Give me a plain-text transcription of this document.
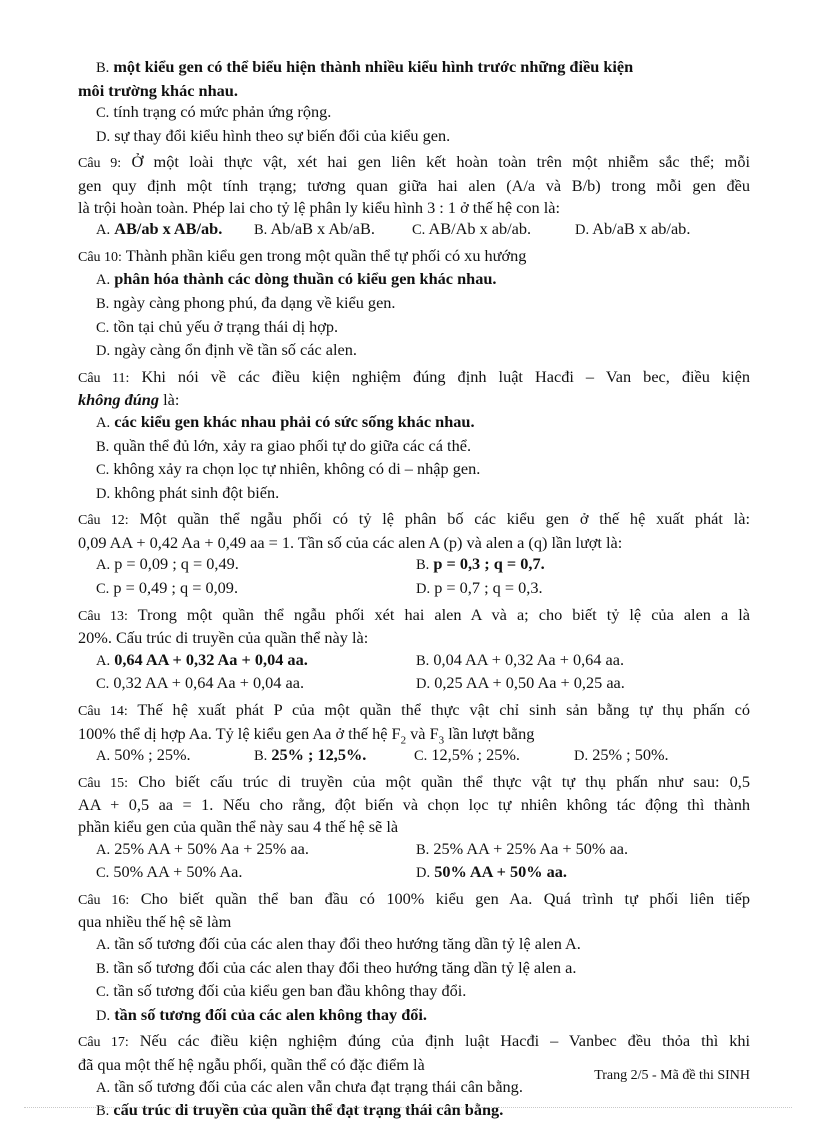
B. một kiểu gen có thể biểu hiện thành nhiều kiểu hình trước những điều kiện
môi trường khác nhau.
C. tính trạng có mức phản ứng rộng.
D. sự thay đổi kiểu hình theo sự biến đổi của kiểu gen.
Câu 9: Ở một loài thực vật, xét hai gen liên kết hoàn toàn trên một nhiễm sắc thể; mỗi
gen quy định một tính trạng; tương quan giữa hai alen (A/a và B/b) trong mỗi gen đều
là trội hoàn toàn. Phép lai cho tỷ lệ phân ly kiểu hình 3 : 1 ở thế hệ con là:
A. AB/ab x AB/ab.	B. Ab/aB x Ab/aB.	C. AB/Ab x ab/ab.	D. Ab/aB x ab/ab.
Câu 10: Thành phần kiểu gen trong một quần thể tự phối có xu hướng
A. phân hóa thành các dòng thuần có kiểu gen khác nhau.
B. ngày càng phong phú, đa dạng về kiểu gen.
C. tồn tại chủ yếu ở trạng thái dị hợp.
D. ngày càng ổn định về tần số các alen.
Câu 11: Khi nói về các điều kiện nghiệm đúng định luật Hacđi – Van bec, điều kiện
không đúng là:
A. các kiểu gen khác nhau phải có sức sống khác nhau.
B. quần thể đủ lớn, xảy ra giao phối tự do giữa các cá thể.
C. không xảy ra chọn lọc tự nhiên, không có di – nhập gen.
D. không phát sinh đột biến.
Câu 12: Một quần thể ngẫu phối có tỷ lệ phân bố các kiểu gen ở thế hệ xuất phát là:
0,09 AA + 0,42 Aa + 0,49 aa = 1. Tần số của các alen A (p) và alen a (q) lần lượt là:
A. p = 0,09 ; q = 0,49.	B. p = 0,3 ; q = 0,7.
C. p = 0,49 ; q = 0,09.	D. p = 0,7 ; q = 0,3.
Câu 13: Trong một quần thể ngẫu phối xét hai alen A và a; cho biết tỷ lệ của alen a là
20%. Cấu trúc di truyền của quần thể này là:
A. 0,64 AA + 0,32 Aa + 0,04 aa.	B. 0,04 AA + 0,32 Aa + 0,64 aa.
C. 0,32 AA + 0,64 Aa + 0,04 aa.	D. 0,25 AA + 0,50 Aa + 0,25 aa.
Câu 14: Thế hệ xuất phát P của một quần thể thực vật chỉ sinh sản bằng tự thụ phấn có
100% thể dị hợp Aa. Tỷ lệ kiểu gen Aa ở thế hệ $F_2$ và $F_3$ lần lượt bằng
A. 50% ; 25%.	B. 25% ; 12,5%.	C. 12,5% ; 25%.	D. 25% ; 50%.
Câu 15: Cho biết cấu trúc di truyền của một quần thể thực vật tự thụ phấn như sau: 0,5
AA + 0,5 aa = 1. Nếu cho rằng, đột biến và chọn lọc tự nhiên không tác động thì thành
phần kiểu gen của quần thể này sau 4 thế hệ sẽ là
A. 25% AA + 50% Aa + 25% aa.	B. 25% AA + 25% Aa + 50% aa.
C. 50% AA + 50% Aa.	D. 50% AA + 50% aa.
Câu 16: Cho biết quần thể ban đầu có 100% kiểu gen Aa. Quá trình tự phối liên tiếp
qua nhiều thế hệ sẽ làm
A. tần số tương đối của các alen thay đổi theo hướng tăng dần tỷ lệ alen A.
B. tần số tương đối của các alen thay đổi theo hướng tăng dần tỷ lệ alen a.
C. tần số tương đối của kiểu gen ban đầu không thay đổi.
D. tần số tương đối của các alen không thay đổi.
Câu 17: Nếu các điều kiện nghiệm đúng của định luật Hacđi – Vanbec đều thỏa thì khi
đã qua một thế hệ ngẫu phối, quần thể có đặc điểm là
A. tần số tương đối của các alen vẫn chưa đạt trạng thái cân bằng.
B. cấu trúc di truyền của quần thể đạt trạng thái cân bằng.
Trang 2/5 - Mã đề thi SINH
